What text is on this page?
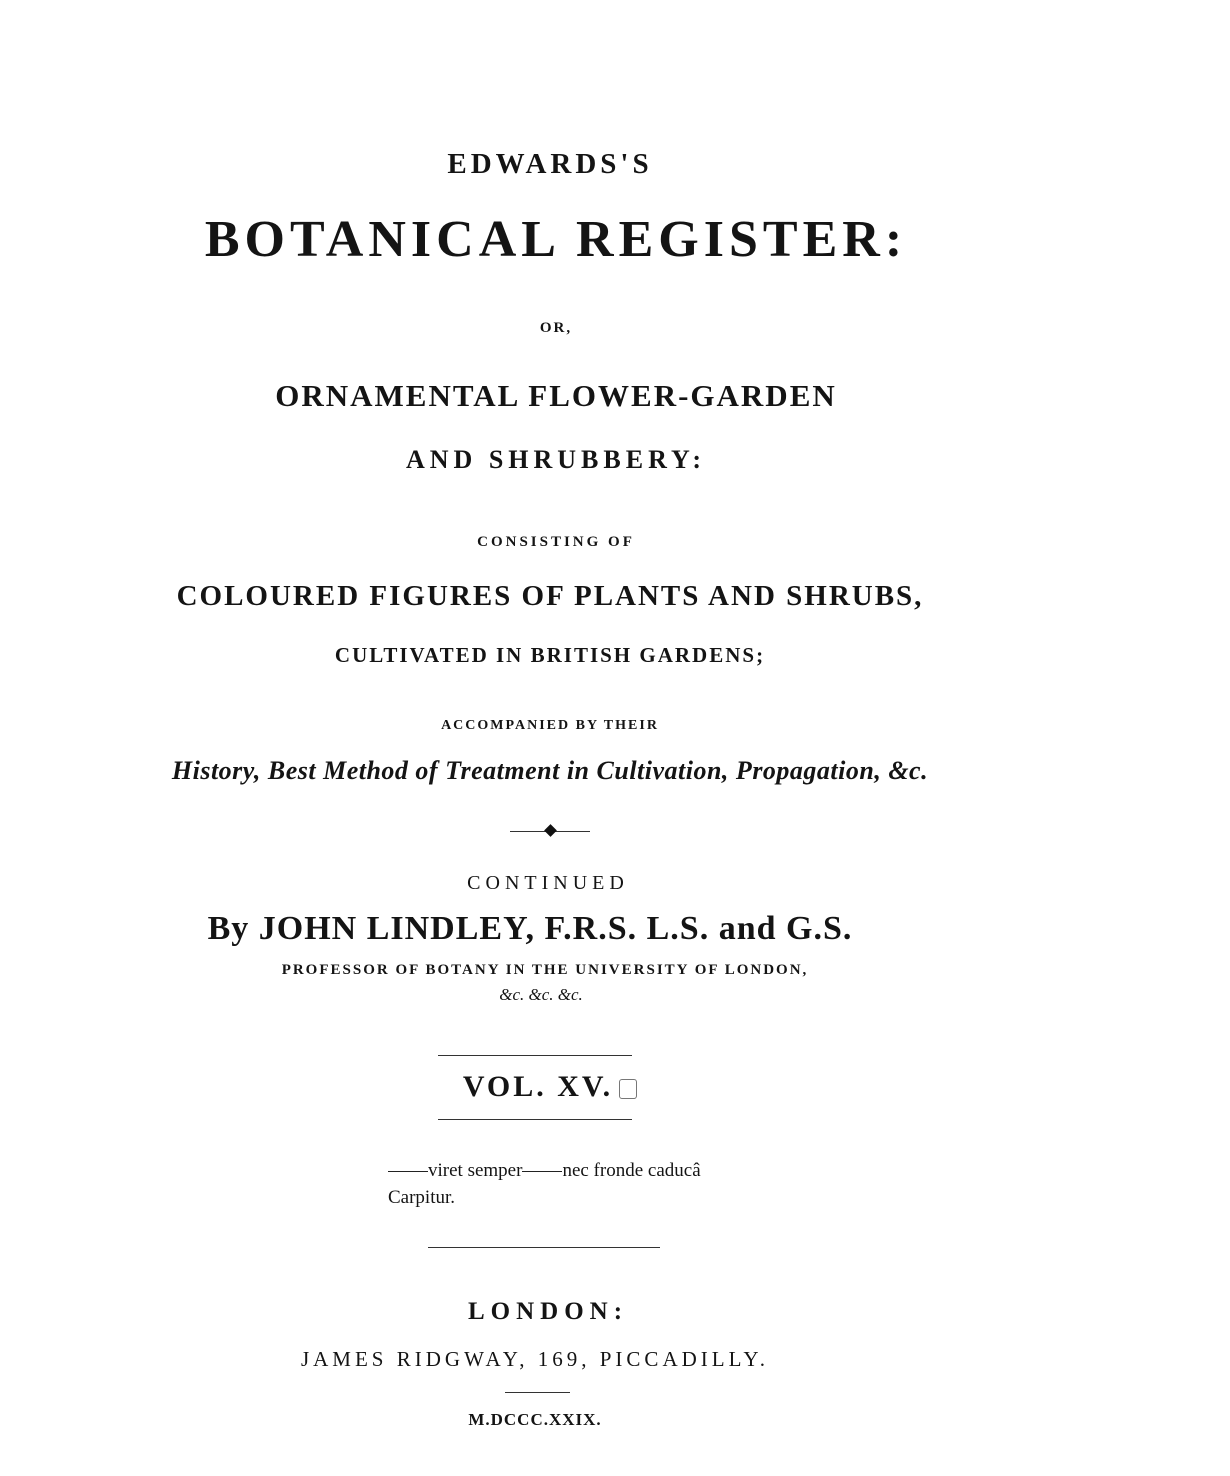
EDWARDS'S

BOTANICAL REGISTER:

OR,

ORNAMENTAL FLOWER-GARDEN

AND SHRUBBERY:

CONSISTING OF

COLOURED FIGURES OF PLANTS AND SHRUBS,

CULTIVATED IN BRITISH GARDENS;

ACCOMPANIED BY THEIR

History, Best Method of Treatment in Cultivation, Propagation, &c.

CONTINUED

By JOHN LINDLEY, F.R.S. L.S. and G.S.

PROFESSOR OF BOTANY IN THE UNIVERSITY OF LONDON,

&c. &c. &c.

VOL. XV.

viret semper nec fronde caducâ
Carpitur.

LONDON:

JAMES RIDGWAY, 169, PICCADILLY.

M.DCCC.XXIX.
